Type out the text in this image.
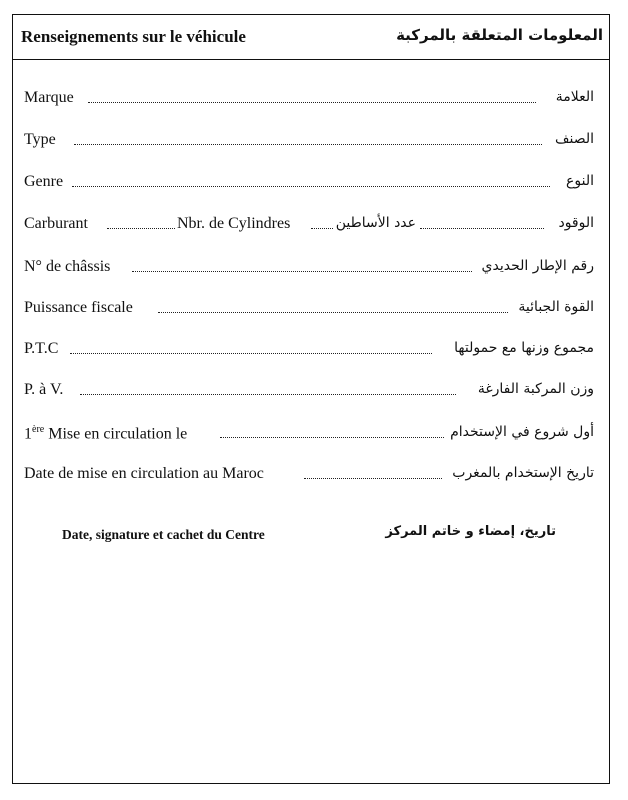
Renseignements sur le véhicule	المعلومات المتعلقة بالمركبة
Marque	العلامة
Type	الصنف
Genre	النوع
Carburant	Nbr. de Cylindres	عدد الأساطين	الوقود
N° de châssis	رقم الإطار الحديدي
Puissance fiscale	القوة الجبائية
P.T.C	مجموع وزنها مع حمولتها
P. à V.	وزن المركبة الفارغة
1ère Mise en circulation le	أول شروع في الإستخدام
Date de mise en circulation au Maroc	تاريخ الإستخدام بالمغرب
Date, signature et cachet du Centre	تاريخ، إمضاء و خاتم المركز
